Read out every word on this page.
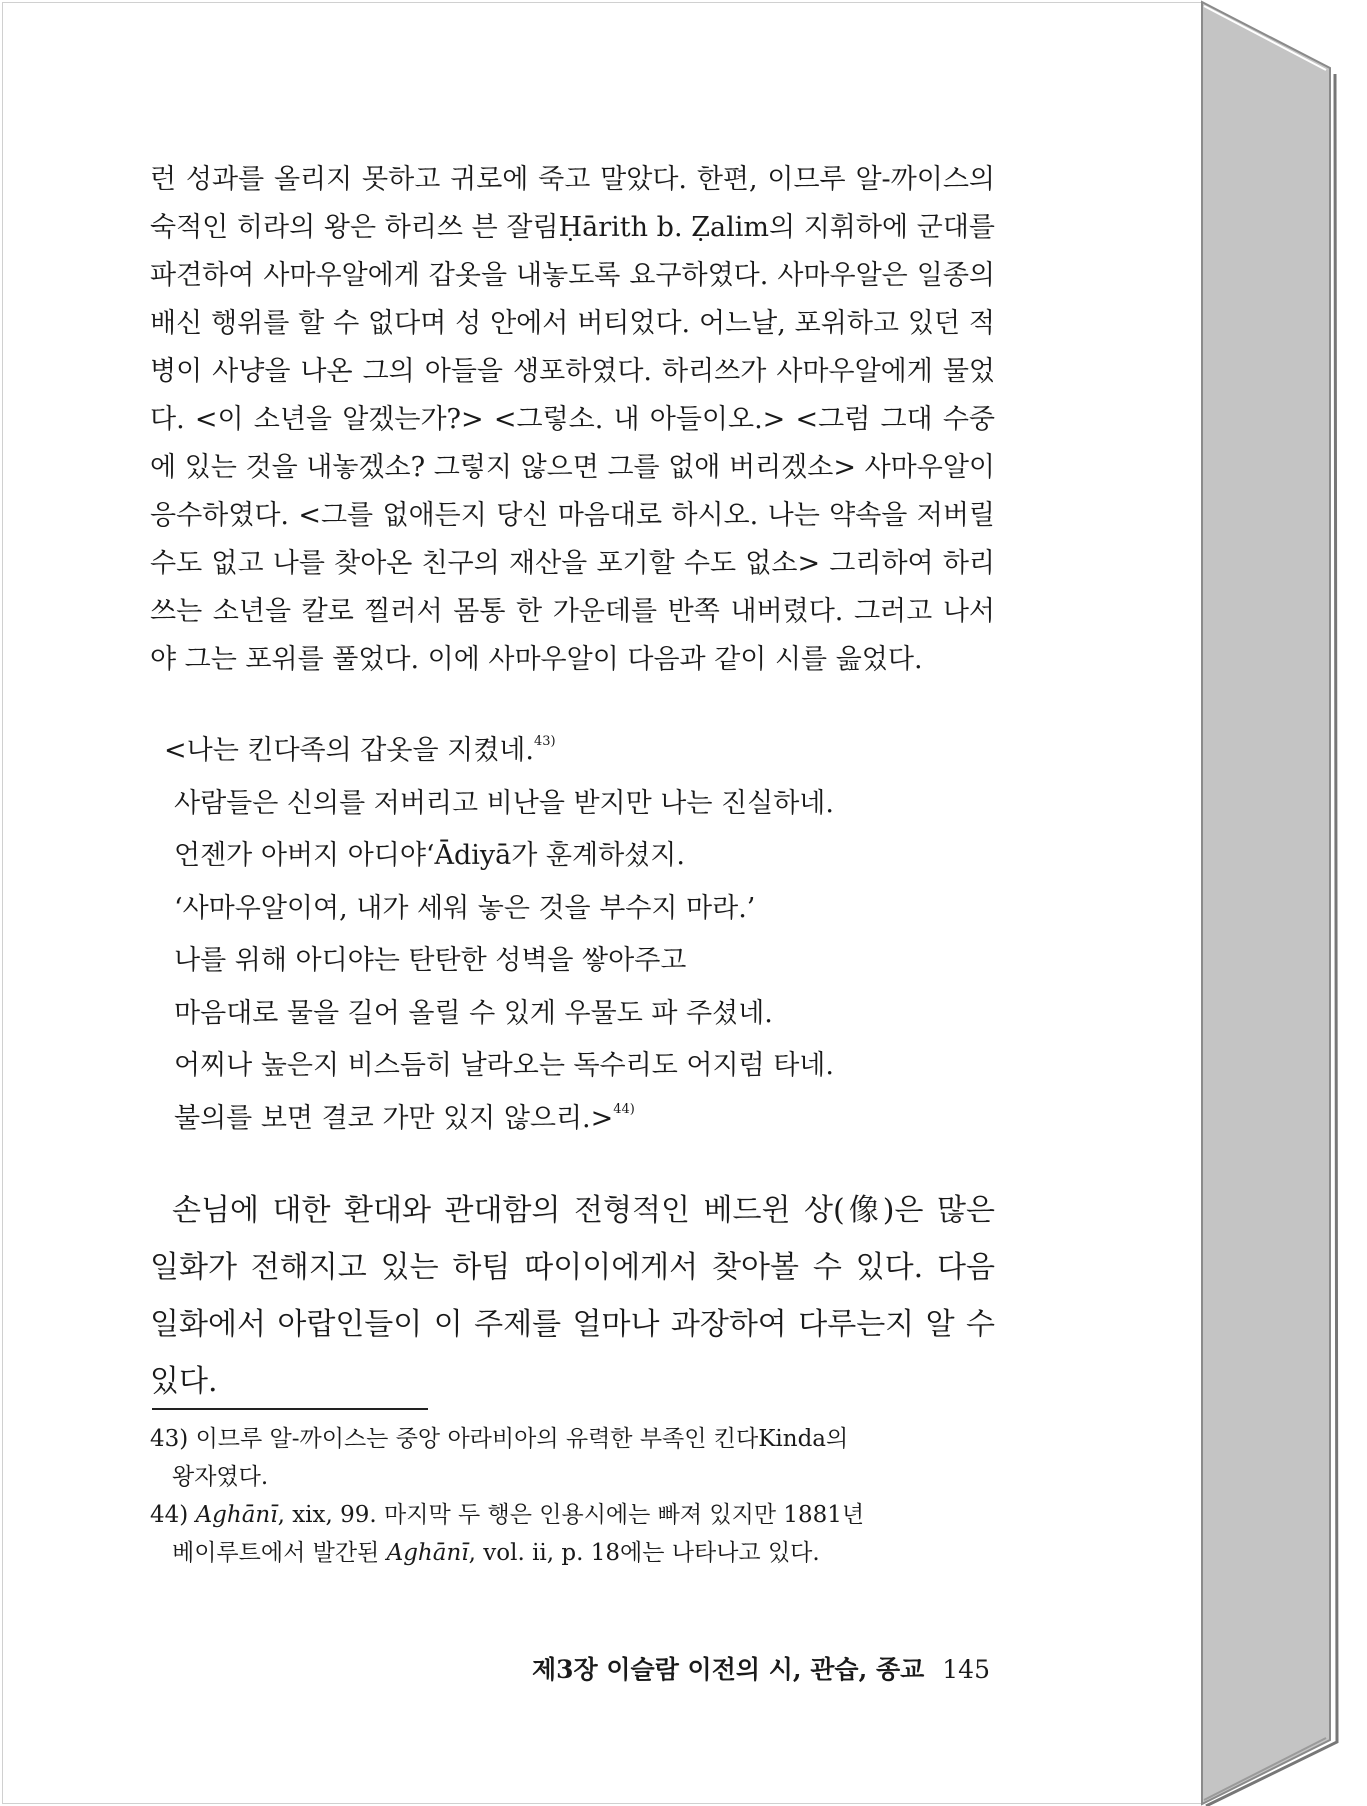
런 성과를 올리지 못하고 귀로에 죽고 말았다. 한편, 이므루 알-까이스의 숙적인 히라의 왕은 하리쓰 븐 잘림Ḥārith b. Ẓalim의 지휘하에 군대를 파견하여 사마우알에게 갑옷을 내놓도록 요구하였다. 사마우알은 일종의 배신 행위를 할 수 없다며 성 안에서 버티었다. 어느날, 포위하고 있던 적병이 사냥을 나온 그의 아들을 생포하였다. 하리쓰가 사마우알에게 물었다. <이 소년을 알겠는가?> <그렇소. 내 아들이오.> <그럼 그대 수중에 있는 것을 내놓겠소? 그렇지 않으면 그를 없애 버리겠소> 사마우알이 응수하였다. <그를 없애든지 당신 마음대로 하시오. 나는 약속을 저버릴 수도 없고 나를 찾아온 친구의 재산을 포기할 수도 없소> 그리하여 하리쓰는 소년을 칼로 찔러서 몸통 한 가운데를 반쪽 내버렸다. 그러고 나서야 그는 포위를 풀었다. 이에 사마우알이 다음과 같이 시를 읊었다.

<나는 킨다족의 갑옷을 지켰네.$^{43)}$
사람들은 신의를 저버리고 비난을 받지만 나는 진실하네.
언젠가 아버지 아디야‘Ādiyā가 훈계하셨지.
‘사마우알이여, 내가 세워 놓은 것을 부수지 마라.’
나를 위해 아디야는 탄탄한 성벽을 쌓아주고
마음대로 물을 길어 올릴 수 있게 우물도 파 주셨네.
어찌나 높은지 비스듬히 날라오는 독수리도 어지럼 타네.
불의를 보면 결코 가만 있지 않으리.>$^{44)}$
손님에 대한 환대와 관대함의 전형적인 베드윈 상(像)은 많은 일화가 전해지고 있는 하팀 따이이에게서 찾아볼 수 있다. 다음 일화에서 아랍인들이 이 주제를 얼마나 과장하여 다루는지 알 수 있다.
43) 이므루 알-까이스는 중앙 아라비아의 유력한 부족인 킨다Kinda의
왕자였다.
44) Aghānī, xix, 99. 마지막 두 행은 인용시에는 빠져 있지만 1881년
베이루트에서 발간된 Aghānī, vol. ii, p. 18에는 나타나고 있다.
제3장 이슬람 이전의 시, 관습, 종교 145
